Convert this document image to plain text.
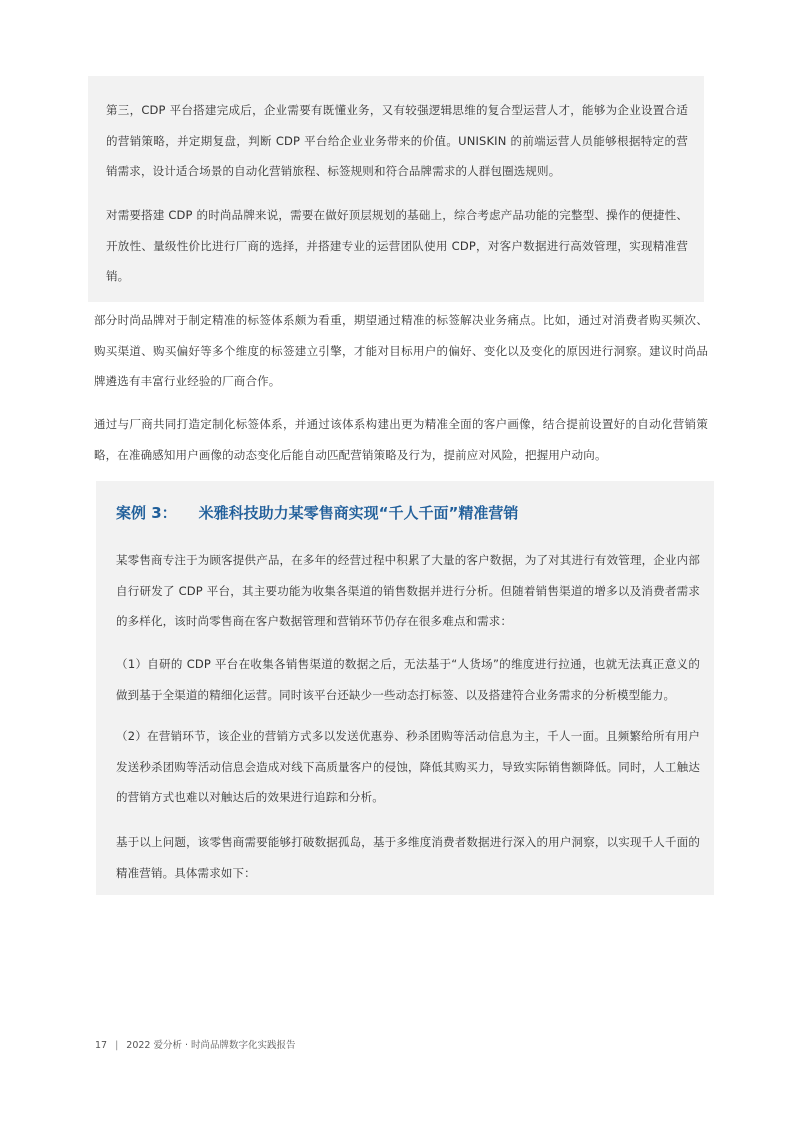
第三，CDP 平台搭建完成后，企业需要有既懂业务，又有较强逻辑思维的复合型运营人才，能够为企业设置合适的营销策略，并定期复盘，判断 CDP 平台给企业业务带来的价值。UNISKIN 的前端运营人员能够根据特定的营销需求，设计适合场景的自动化营销旅程、标签规则和符合品牌需求的人群包圈选规则。

对需要搭建 CDP 的时尚品牌来说，需要在做好顶层规划的基础上，综合考虑产品功能的完整型、操作的便捷性、开放性、量级性价比进行厂商的选择，并搭建专业的运营团队使用 CDP，对客户数据进行高效管理，实现精准营销。

部分时尚品牌对于制定精准的标签体系颇为看重，期望通过精准的标签解决业务痛点。比如，通过对消费者购买频次、购买渠道、购买偏好等多个维度的标签建立引擎，才能对目标用户的偏好、变化以及变化的原因进行洞察。建议时尚品牌遴选有丰富行业经验的厂商合作。

通过与厂商共同打造定制化标签体系，并通过该体系构建出更为精准全面的客户画像，结合提前设置好的自动化营销策略，在准确感知用户画像的动态变化后能自动匹配营销策略及行为，提前应对风险，把握用户动向。

案例 3： 米雅科技助力某零售商实现“千人千面”精准营销

某零售商专注于为顾客提供产品，在多年的经营过程中积累了大量的客户数据，为了对其进行有效管理，企业内部自行研发了 CDP 平台，其主要功能为收集各渠道的销售数据并进行分析。但随着销售渠道的增多以及消费者需求的多样化，该时尚零售商在客户数据管理和营销环节仍存在很多难点和需求：

（1）自研的 CDP 平台在收集各销售渠道的数据之后，无法基于“人货场”的维度进行拉通，也就无法真正意义的做到基于全渠道的精细化运营。同时该平台还缺少一些动态打标签、以及搭建符合业务需求的分析模型能力。

（2）在营销环节，该企业的营销方式多以发送优惠券、秒杀团购等活动信息为主，千人一面。且频繁给所有用户发送秒杀团购等活动信息会造成对线下高质量客户的侵蚀，降低其购买力，导致实际销售额降低。同时，人工触达的营销方式也难以对触达后的效果进行追踪和分析。

基于以上问题，该零售商需要能够打破数据孤岛，基于多维度消费者数据进行深入的用户洞察，以实现千人千面的精准营销。具体需求如下：

17 | 2022 爱分析 · 时尚品牌数字化实践报告
